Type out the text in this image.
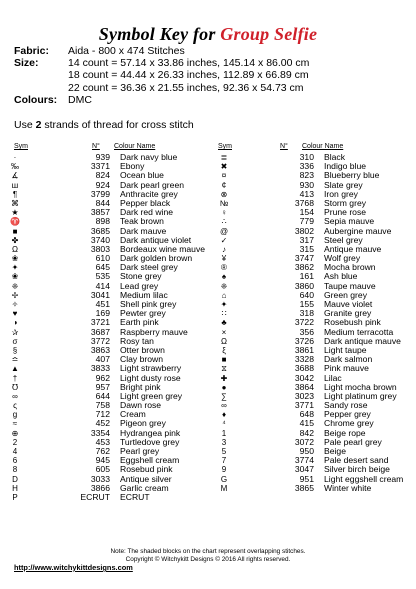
Symbol Key for Group Selfie
Fabric:	Aida - 800 x 474 Stitches
Size:	14 count = 57.14 x 33.86 inches, 145.14 x 86.00 cm
18 count = 44.44 x 26.33 inches, 112.89 x 66.89 cm
22 count = 36.36 x 21.55 inches, 92.36 x 54.73 cm
Colours:	DMC
Use 2 strands of thread for cross stitch
Sym	N° Colour Name	Sym	N° Colour Name
·	939	Dark navy blue
‰	3371	Ebony
∡	824	Ocean blue
ш	924	Dark pearl green
¶	3799	Anthracite grey
⌘	844	Pepper black
★	3857	Dark red wine
♈	898	Teak brown
■	3685	Dark mauve
✤	3740	Dark antique violet
Ω	3803	Bordeaux wine mauve
❀	610	Dark golden brown
✦	645	Dark steel grey
❀	535	Stone grey
❈	414	Lead grey
✢	3041	Medium lilac
✧	451	Shell pink grey
♥	169	Pewter grey
◑	3721	Earth pink
✰	3687	Raspberry mauve
σ	3772	Rosy tan
§	3863	Otter brown
≏	407	Clay brown
▲	3833	Light strawberry
†	962	Light dusty rose
℧	957	Bright pink
∞	644	Light green grey
ς	758	Dawn rose
g	712	Cream
≈	452	Pigeon grey
⊕	3354	Hydrangea pink
2	453	Turtledove grey
4	762	Pearl grey
6	945	Eggshell cream
8	605	Rosebud pink
D	3033	Antique silver
H	3866	Garlic cream
P	ECRUT	ECRUT
≣	310	Black
✖	336	Indigo blue
¤	823	Blueberry blue
¢	930	Slate grey
⊗	413	Iron grey
№	3768	Storm grey
♀	154	Prune rose
∴	779	Sepia mauve
@	3802	Aubergine mauve
✓	317	Steel grey
♪	315	Antique mauve
¥	3747	Wolf grey
®	3862	Mocha brown
♠	161	Ash blue
❈	3860	Taupe mauve
⌂	640	Green grey
✦	155	Mauve violet
∷	318	Granite grey
♣	3722	Rosebush pink
×	356	Medium terracotta
Ω	3726	Dark antique mauve
ξ	3861	Light taupe
■	3328	Dark salmon
⧖	3688	Pink mauve
✚	3042	Lilac
●	3864	Light mocha brown
∑	3023	Light platinum grey
∞	3771	Sandy rose
♦	648	Pepper grey
⁴	415	Chrome grey
1	842	Beige rope
3	3072	Pale pearl grey
5	950	Beige
7	3774	Pale desert sand
9	3047	Silver birch beige
G	951	Light eggshell cream
M	3865	Winter white
Note: The shaded blocks on the chart represent overlapping stitches.
Copyright © Witchykitt Designs © 2016 All rights reserved.
http://www.witchykittdesigns.com
